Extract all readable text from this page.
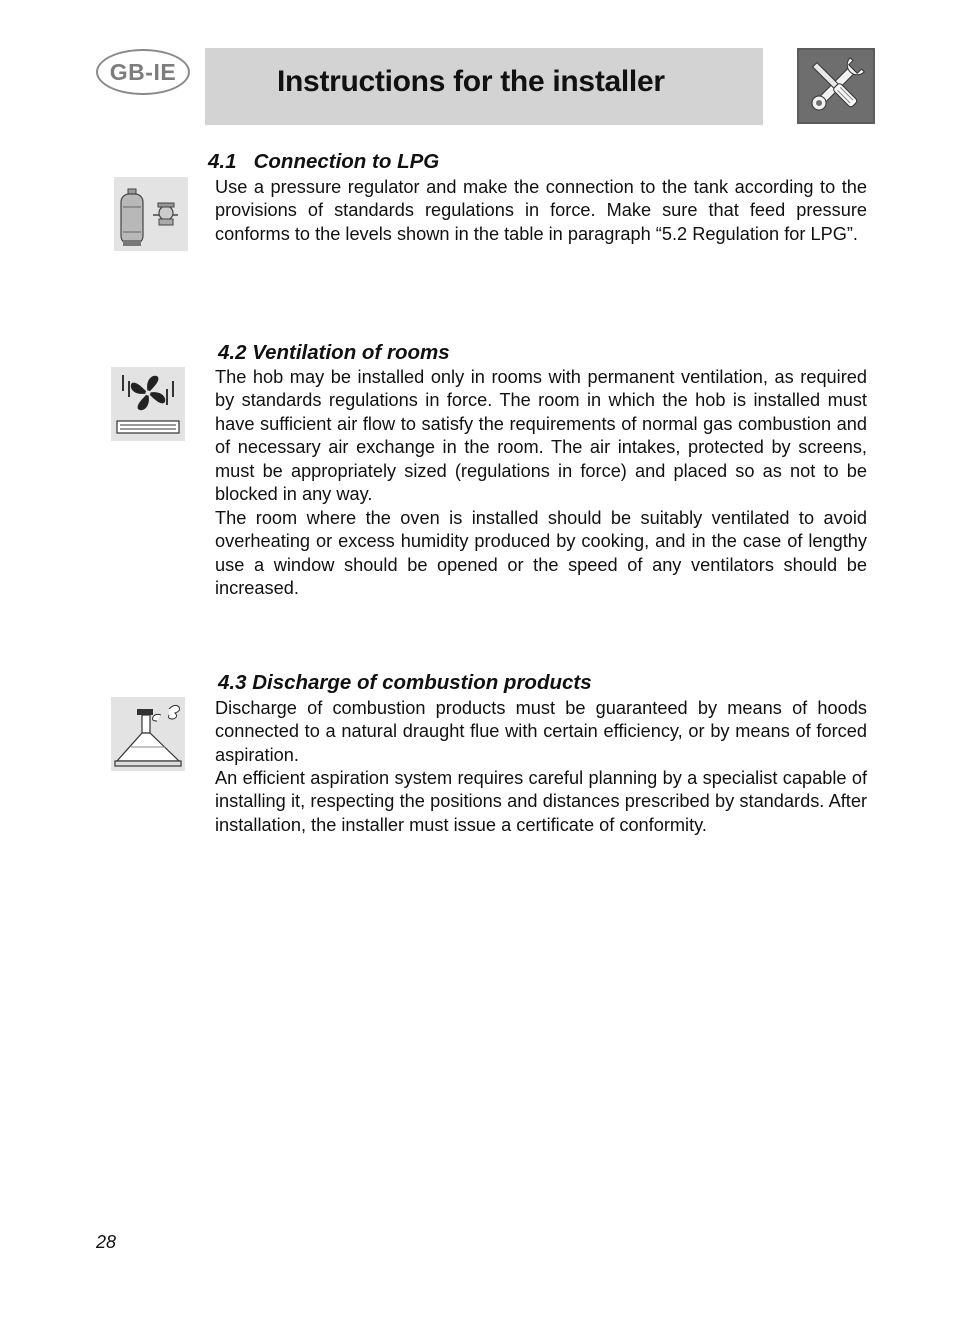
GB-IE	Instructions for the installer
4.1 Connection to LPG

Use a pressure regulator and make the connection to the tank according to the provisions of standards regulations in force. Make sure that feed pressure conforms to the levels shown in the table in paragraph “5.2 Regulation for LPG”.

4.2 Ventilation of rooms

The hob may be installed only in rooms with permanent ventilation, as required by standards regulations in force. The room in which the hob is installed must have sufficient air flow to satisfy the requirements of normal gas combustion and of necessary air exchange in the room. The air intakes, protected by screens, must be appropriately sized (regulations in force) and placed so as not to be blocked in any way.

The room where the oven is installed should be suitably ventilated to avoid overheating or excess humidity produced by cooking, and in the case of lengthy use a window should be opened or the speed of any ventilators should be increased.

4.3 Discharge of combustion products

Discharge of combustion products must be guaranteed by means of hoods connected to a natural draught flue with certain efficiency, or by means of forced aspiration.

An efficient aspiration system requires careful planning by a specialist capable of installing it, respecting the positions and distances prescribed by standards. After installation, the installer must issue a certificate of conformity.

28
